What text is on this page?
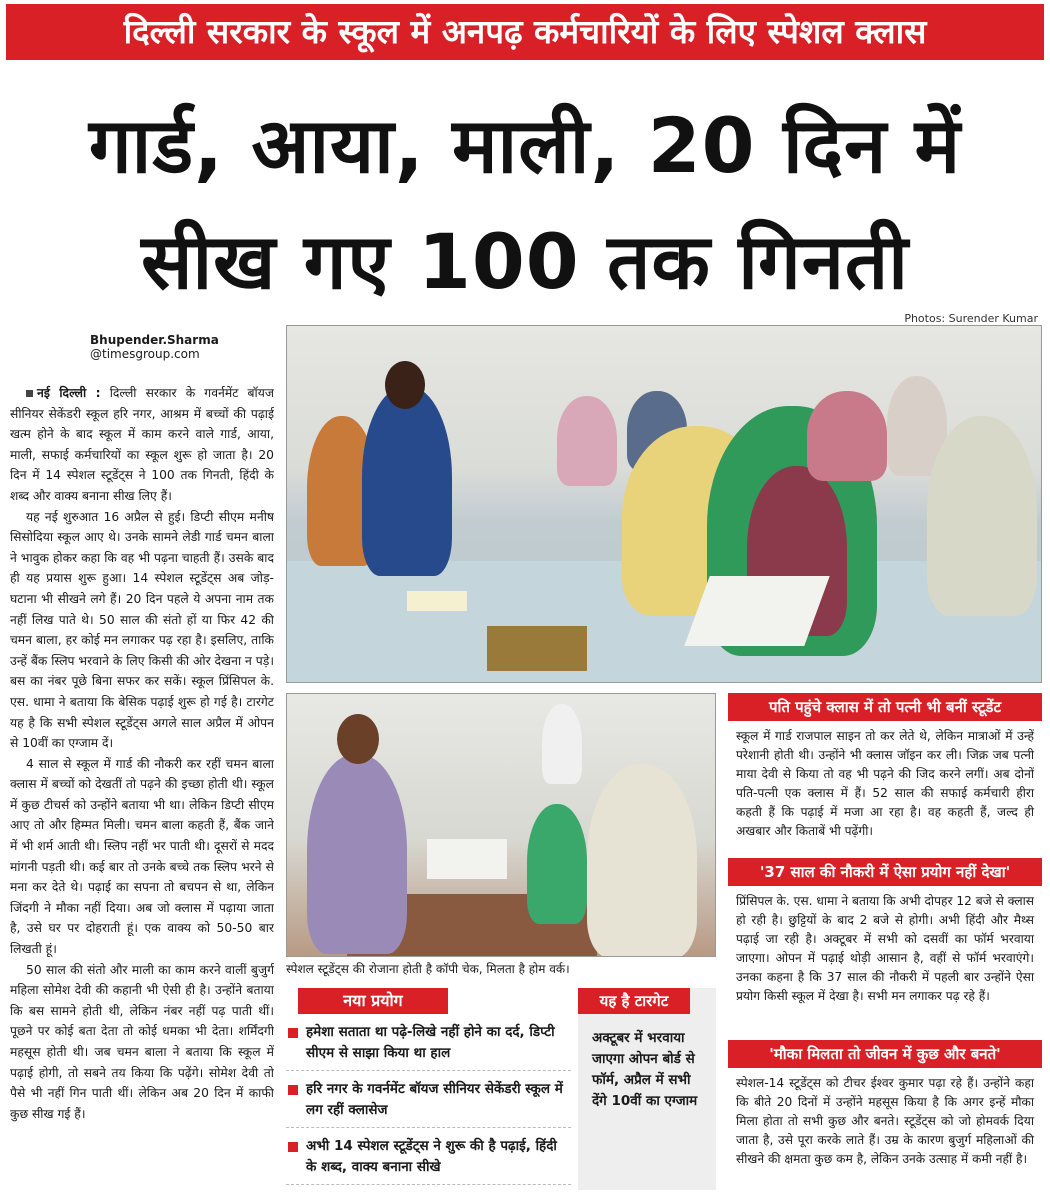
दिल्ली सरकार के स्कूल में अनपढ़ कर्मचारियों के लिए स्पेशल क्लास
गार्ड, आया, माली, 20 दिन में
सीख गए 100 तक गिनती
Photos: Surender Kumar
Bhupender.Sharma
@timesgroup.com

नई दिल्ली : दिल्ली सरकार के गवर्नमेंट बॉयज सीनियर सेकेंडरी स्कूल हरि नगर, आश्रम में बच्चों की पढ़ाई खत्म होने के बाद स्कूल में काम करने वाले गार्ड, आया, माली, सफाई कर्मचारियों का स्कूल शुरू हो जाता है। 20 दिन में 14 स्पेशल स्टूडेंट्स ने 100 तक गिनती, हिंदी के शब्द और वाक्य बनाना सीख लिए हैं।

यह नई शुरुआत 16 अप्रैल से हुई। डिप्टी सीएम मनीष सिसोदिया स्कूल आए थे। उनके सामने लेडी गार्ड चमन बाला ने भावुक होकर कहा कि वह भी पढ़ना चाहती हैं। उसके बाद ही यह प्रयास शुरू हुआ। 14 स्पेशल स्टूडेंट्स अब जोड़-घटाना भी सीखने लगे हैं। 20 दिन पहले ये अपना नाम तक नहीं लिख पाते थे। 50 साल की संतो हों या फिर 42 की चमन बाला, हर कोई मन लगाकर पढ़ रहा है। इसलिए, ताकि उन्हें बैंक स्लिप भरवाने के लिए किसी की ओर देखना न पड़े। बस का नंबर पूछे बिना सफर कर सकें। स्कूल प्रिंसिपल के. एस. धामा ने बताया कि बेसिक पढ़ाई शुरू हो गई है। टारगेट यह है कि सभी स्पेशल स्टूडेंट्स अगले साल अप्रैल में ओपन से 10वीं का एग्जाम दें।

4 साल से स्कूल में गार्ड की नौकरी कर रहीं चमन बाला क्लास में बच्चों को देखतीं तो पढ़ने की इच्छा होती थी। स्कूल में कुछ टीचर्स को उन्होंने बताया भी था। लेकिन डिप्टी सीएम आए तो और हिम्मत मिली। चमन बाला कहती हैं, बैंक जाने में भी शर्म आती थी। स्लिप नहीं भर पाती थी। दूसरों से मदद मांगनी पड़ती थी। कई बार तो उनके बच्चे तक स्लिप भरने से मना कर देते थे। पढ़ाई का सपना तो बचपन से था, लेकिन जिंदगी ने मौका नहीं दिया। अब जो क्लास में पढ़ाया जाता है, उसे घर पर दोहराती हूं। एक वाक्य को 50-50 बार लिखती हूं।

50 साल की संतो और माली का काम करने वालीं बुजुर्ग महिला सोमेश देवी की कहानी भी ऐसी ही है। उन्होंने बताया कि बस सामने होती थी, लेकिन नंबर नहीं पढ़ पाती थीं। पूछने पर कोई बता देता तो कोई धमका भी देता। शर्मिंदगी महसूस होती थी। जब चमन बाला ने बताया कि स्कूल में पढ़ाई होगी, तो सबने तय किया कि पढ़ेंगे। सोमेश देवी तो पैसे भी नहीं गिन पाती थीं। लेकिन अब 20 दिन में काफी कुछ सीख गई हैं।

स्पेशल स्टूडेंट्स की रोजाना होती है कॉपी चेक, मिलता है होम वर्क।
नया प्रयोग
हमेशा सताता था पढ़े-लिखे नहीं होने का दर्द, डिप्टी सीएम से साझा किया था हाल
हरि नगर के गवर्नमेंट बॉयज सीनियर सेकेंडरी स्कूल में लग रहीं क्लासेज
अभी 14 स्पेशल स्टूडेंट्स ने शुरू की है पढ़ाई, हिंदी के शब्द, वाक्य बनाना सीखे
यह है टारगेट
अक्टूबर में भरवाया जाएगा ओपन बोर्ड से फॉर्म, अप्रैल में सभी देंगे 10वीं का एग्जाम
पति पहुंचे क्लास में तो पत्नी भी बनीं स्टूडेंट
स्कूल में गार्ड राजपाल साइन तो कर लेते थे, लेकिन मात्राओं में उन्हें परेशानी होती थी। उन्होंने भी क्लास जॉइन कर ली। जिक्र जब पत्नी माया देवी से किया तो वह भी पढ़ने की जिद करने लगीं। अब दोनों पति-पत्नी एक क्लास में हैं। 52 साल की सफाई कर्मचारी हीरा कहती हैं कि पढ़ाई में मजा आ रहा है। वह कहती हैं, जल्द ही अखबार और किताबें भी पढ़ेंगी।
'37 साल की नौकरी में ऐसा प्रयोग नहीं देखा'
प्रिंसिपल के. एस. धामा ने बताया कि अभी दोपहर 12 बजे से क्लास हो रही है। छुट्टियों के बाद 2 बजे से होगी। अभी हिंदी और मैथ्स पढ़ाई जा रही है। अक्टूबर में सभी को दसवीं का फॉर्म भरवाया जाएगा। ओपन में पढ़ाई थोड़ी आसान है, वहीं से फॉर्म भरवाएंगे। उनका कहना है कि 37 साल की नौकरी में पहली बार उन्होंने ऐसा प्रयोग किसी स्कूल में देखा है। सभी मन लगाकर पढ़ रहे हैं।
'मौका मिलता तो जीवन में कुछ और बनते'
स्पेशल-14 स्टूडेंट्स को टीचर ईश्वर कुमार पढ़ा रहे हैं। उन्होंने कहा कि बीते 20 दिनों में उन्होंने महसूस किया है कि अगर इन्हें मौका मिला होता तो सभी कुछ और बनते। स्टूडेंट्स को जो होमवर्क दिया जाता है, उसे पूरा करके लाते हैं। उम्र के कारण बुजुर्ग महिलाओं की सीखने की क्षमता कुछ कम है, लेकिन उनके उत्साह में कमी नहीं है।
